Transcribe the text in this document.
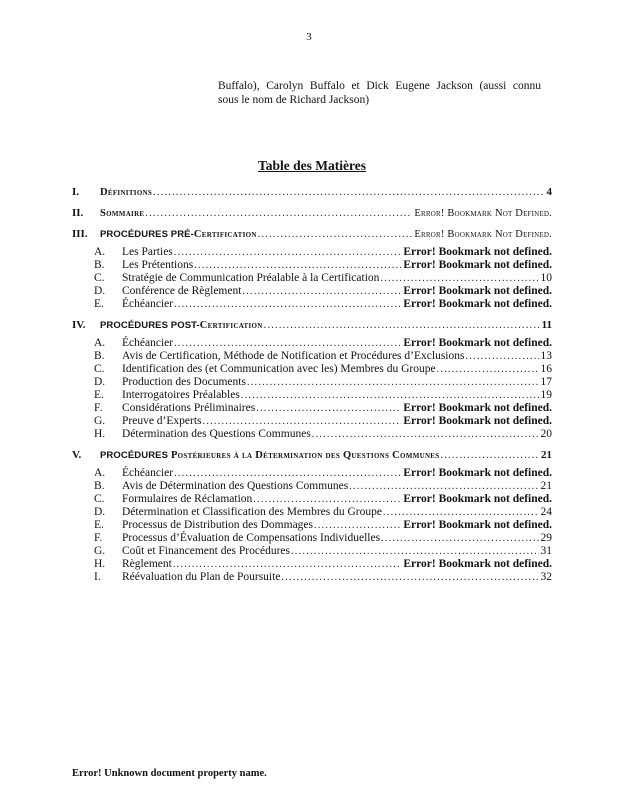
3
Buffalo), Carolyn Buffalo et Dick Eugene Jackson (aussi connu
sous le nom de Richard Jackson)
Table des Matières
I.	Définitions .....	4
II.	Sommaire .....	Error! Bookmark Not Defined.
III.	PROCÉDURES PRÉ-Certification .....	Error! Bookmark Not Defined.
A.	Les Parties .....	Error! Bookmark not defined.
B.	Les Prétentions .....	Error! Bookmark not defined.
C.	Stratégie de Communication Préalable à la Certification .....	10
D.	Conférence de Règlement .....	Error! Bookmark not defined.
E.	Échéancier .....	Error! Bookmark not defined.
IV.	PROCÉDURES POST-Certification .....	11
A.	Échéancier .....	Error! Bookmark not defined.
B.	Avis de Certification, Méthode de Notification et Procédures d’Exclusions .....	13
C.	Identification des (et Communication avec les) Membres du Groupe .....	16
D.	Production des Documents .....	17
E.	Interrogatoires Préalables .....	19
F.	Considérations Préliminaires .....	Error! Bookmark not defined.
G.	Preuve d’Experts .....	Error! Bookmark not defined.
H.	Détermination des Questions Communes .....	20
V.	PROCÉDURES Postérieures à la Détermination des Questions Communes .....	21
A.	Échéancier .....	Error! Bookmark not defined.
B.	Avis de Détermination des Questions Communes .....	21
C.	Formulaires de Réclamation .....	Error! Bookmark not defined.
D.	Détermination et Classification des Membres du Groupe .....	24
E.	Processus de Distribution des Dommages .....	Error! Bookmark not defined.
F.	Processus d’Évaluation de Compensations Individuelles .....	29
G.	Coût et Financement des Procédures .....	31
H.	Règlement .....	Error! Bookmark not defined.
I.	Réévaluation du Plan de Poursuite .....	32
Error! Unknown document property name.
